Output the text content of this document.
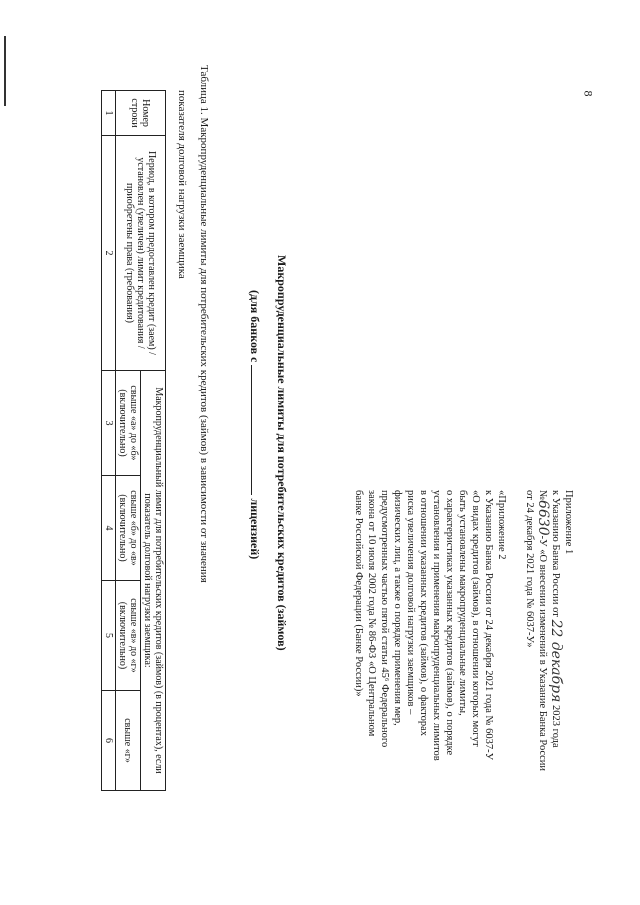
8
Приложение 1
к Указанию Банка России от 22 декабря 2023 года
№6630-У «О внесении изменений в Указание Банка России
от 24 декабря 2021 года № 6037-У»
«Приложение 2
к Указанию Банка России от 24 декабря 2021 года № 6037-У
«О видах кредитов (займов), в отношении которых могут
быть установлены макропруденциальные лимиты,
о характеристиках указанных кредитов (займов), о порядке
установления и применения макропруденциальных лимитов
в отношении указанных кредитов (займов), о факторах
риска увеличения долговой нагрузки заемщиков –
физических лиц, а также о порядке применения мер,
предусмотренных частью пятой статьи 45⁶ Федерального
закона от 10 июля 2002 года № 86-ФЗ «О Центральном
банке Российской Федерации (Банке России)»
Макропруденциальные лимиты для потребительских кредитов (займов)
(для банков слицензией)
Таблица 1. Макропруденциальные лимиты для потребительских кредитов (займов) в зависимости от значения
показателя долговой нагрузки заемщика
Номер строки	Период, в котором предоставлен кредит (заем) / установлен (увеличен) лимит кредитования / приобретены права (требования)	Макропруденциальный лимит для потребительских кредитов (займов) (в процентах), если показатель долговой нагрузки заемщика:			
		свыше «а» до «б» (включительно)	свыше «б» до «в» (включительно)	свыше «в» до «г» (включительно)	свыше «г»
1	2	3	4	5	6
